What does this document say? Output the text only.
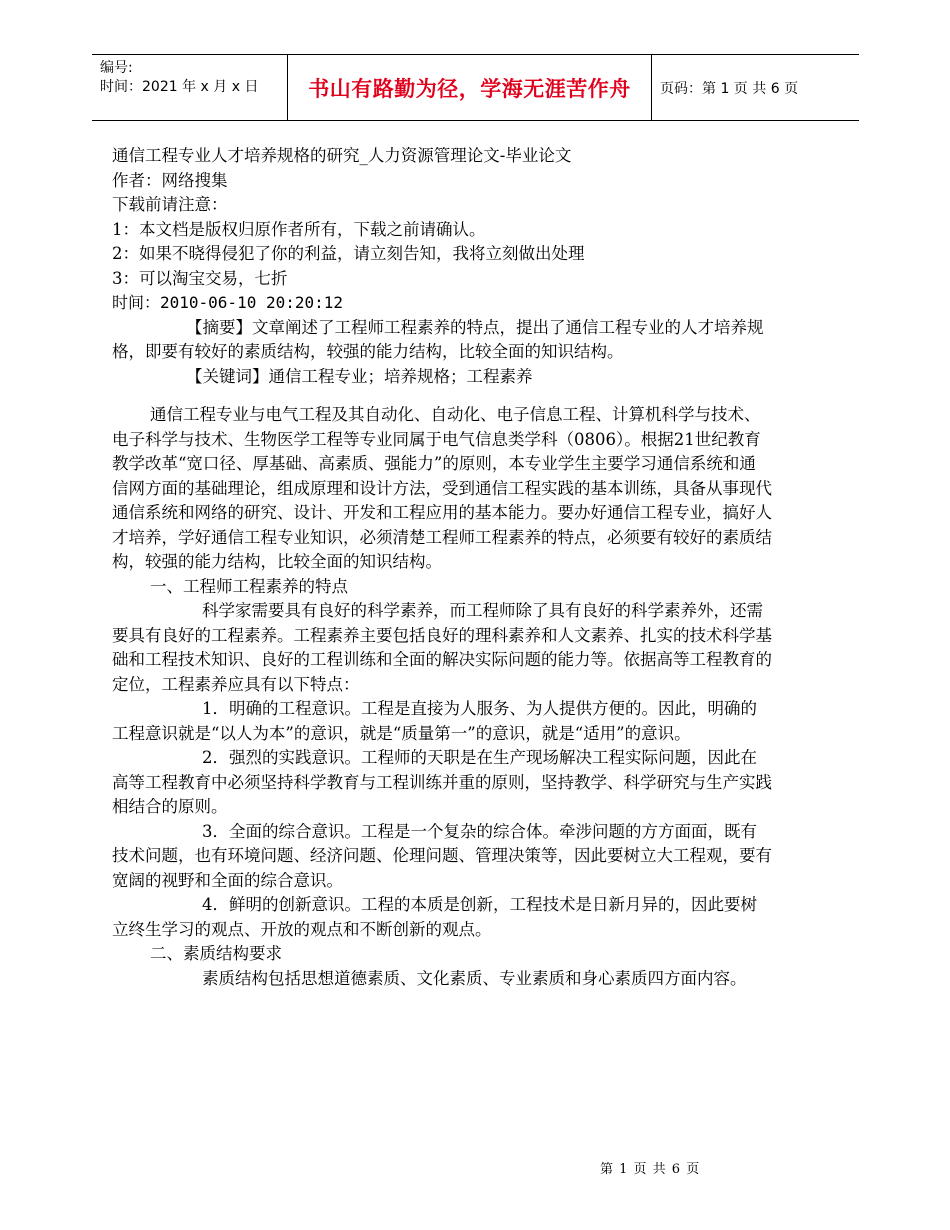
编号:
时间：2021 年 x 月 x 日	书山有路勤为径，学海无涯苦作舟	页码：第 1 页 共 6 页

通信工程专业人才培养规格的研究_人力资源管理论文-毕业论文

作者：网络搜集

下载前请注意：

1：本文档是版权归原作者所有，下载之前请确认。

2：如果不晓得侵犯了你的利益，请立刻告知，我将立刻做出处理

3：可以淘宝交易，七折

时间：2010-06-10 20:20:12

【摘要】文章阐述了工程师工程素养的特点，提出了通信工程专业的人才培养规格，即要有较好的素质结构，较强的能力结构，比较全面的知识结构。

【关键词】通信工程专业；培养规格；工程素养

通信工程专业与电气工程及其自动化、自动化、电子信息工程、计算机科学与技术、电子科学与技术、生物医学工程等专业同属于电气信息类学科（0806）。根据21世纪教育教学改革“宽口径、厚基础、高素质、强能力”的原则，本专业学生主要学习通信系统和通信网方面的基础理论，组成原理和设计方法，受到通信工程实践的基本训练，具备从事现代通信系统和网络的研究、设计、开发和工程应用的基本能力。要办好通信工程专业，搞好人才培养，学好通信工程专业知识，必须清楚工程师工程素养的特点，必须要有较好的素质结构，较强的能力结构，比较全面的知识结构。

一、工程师工程素养的特点

科学家需要具有良好的科学素养，而工程师除了具有良好的科学素养外，还需要具有良好的工程素养。工程素养主要包括良好的理科素养和人文素养、扎实的技术科学基础和工程技术知识、良好的工程训练和全面的解决实际问题的能力等。依据高等工程教育的定位，工程素养应具有以下特点：

1．明确的工程意识。工程是直接为人服务、为人提供方便的。因此，明确的工程意识就是“以人为本”的意识，就是“质量第一”的意识，就是“适用”的意识。

2．强烈的实践意识。工程师的天职是在生产现场解决工程实际问题，因此在高等工程教育中必须坚持科学教育与工程训练并重的原则，坚持教学、科学研究与生产实践相结合的原则。

3．全面的综合意识。工程是一个复杂的综合体。牵涉问题的方方面面，既有技术问题，也有环境问题、经济问题、伦理问题、管理决策等，因此要树立大工程观，要有宽阔的视野和全面的综合意识。

4．鲜明的创新意识。工程的本质是创新，工程技术是日新月异的，因此要树立终生学习的观点、开放的观点和不断创新的观点。

二、素质结构要求

素质结构包括思想道德素质、文化素质、专业素质和身心素质四方面内容。

第 1 页 共 6 页
